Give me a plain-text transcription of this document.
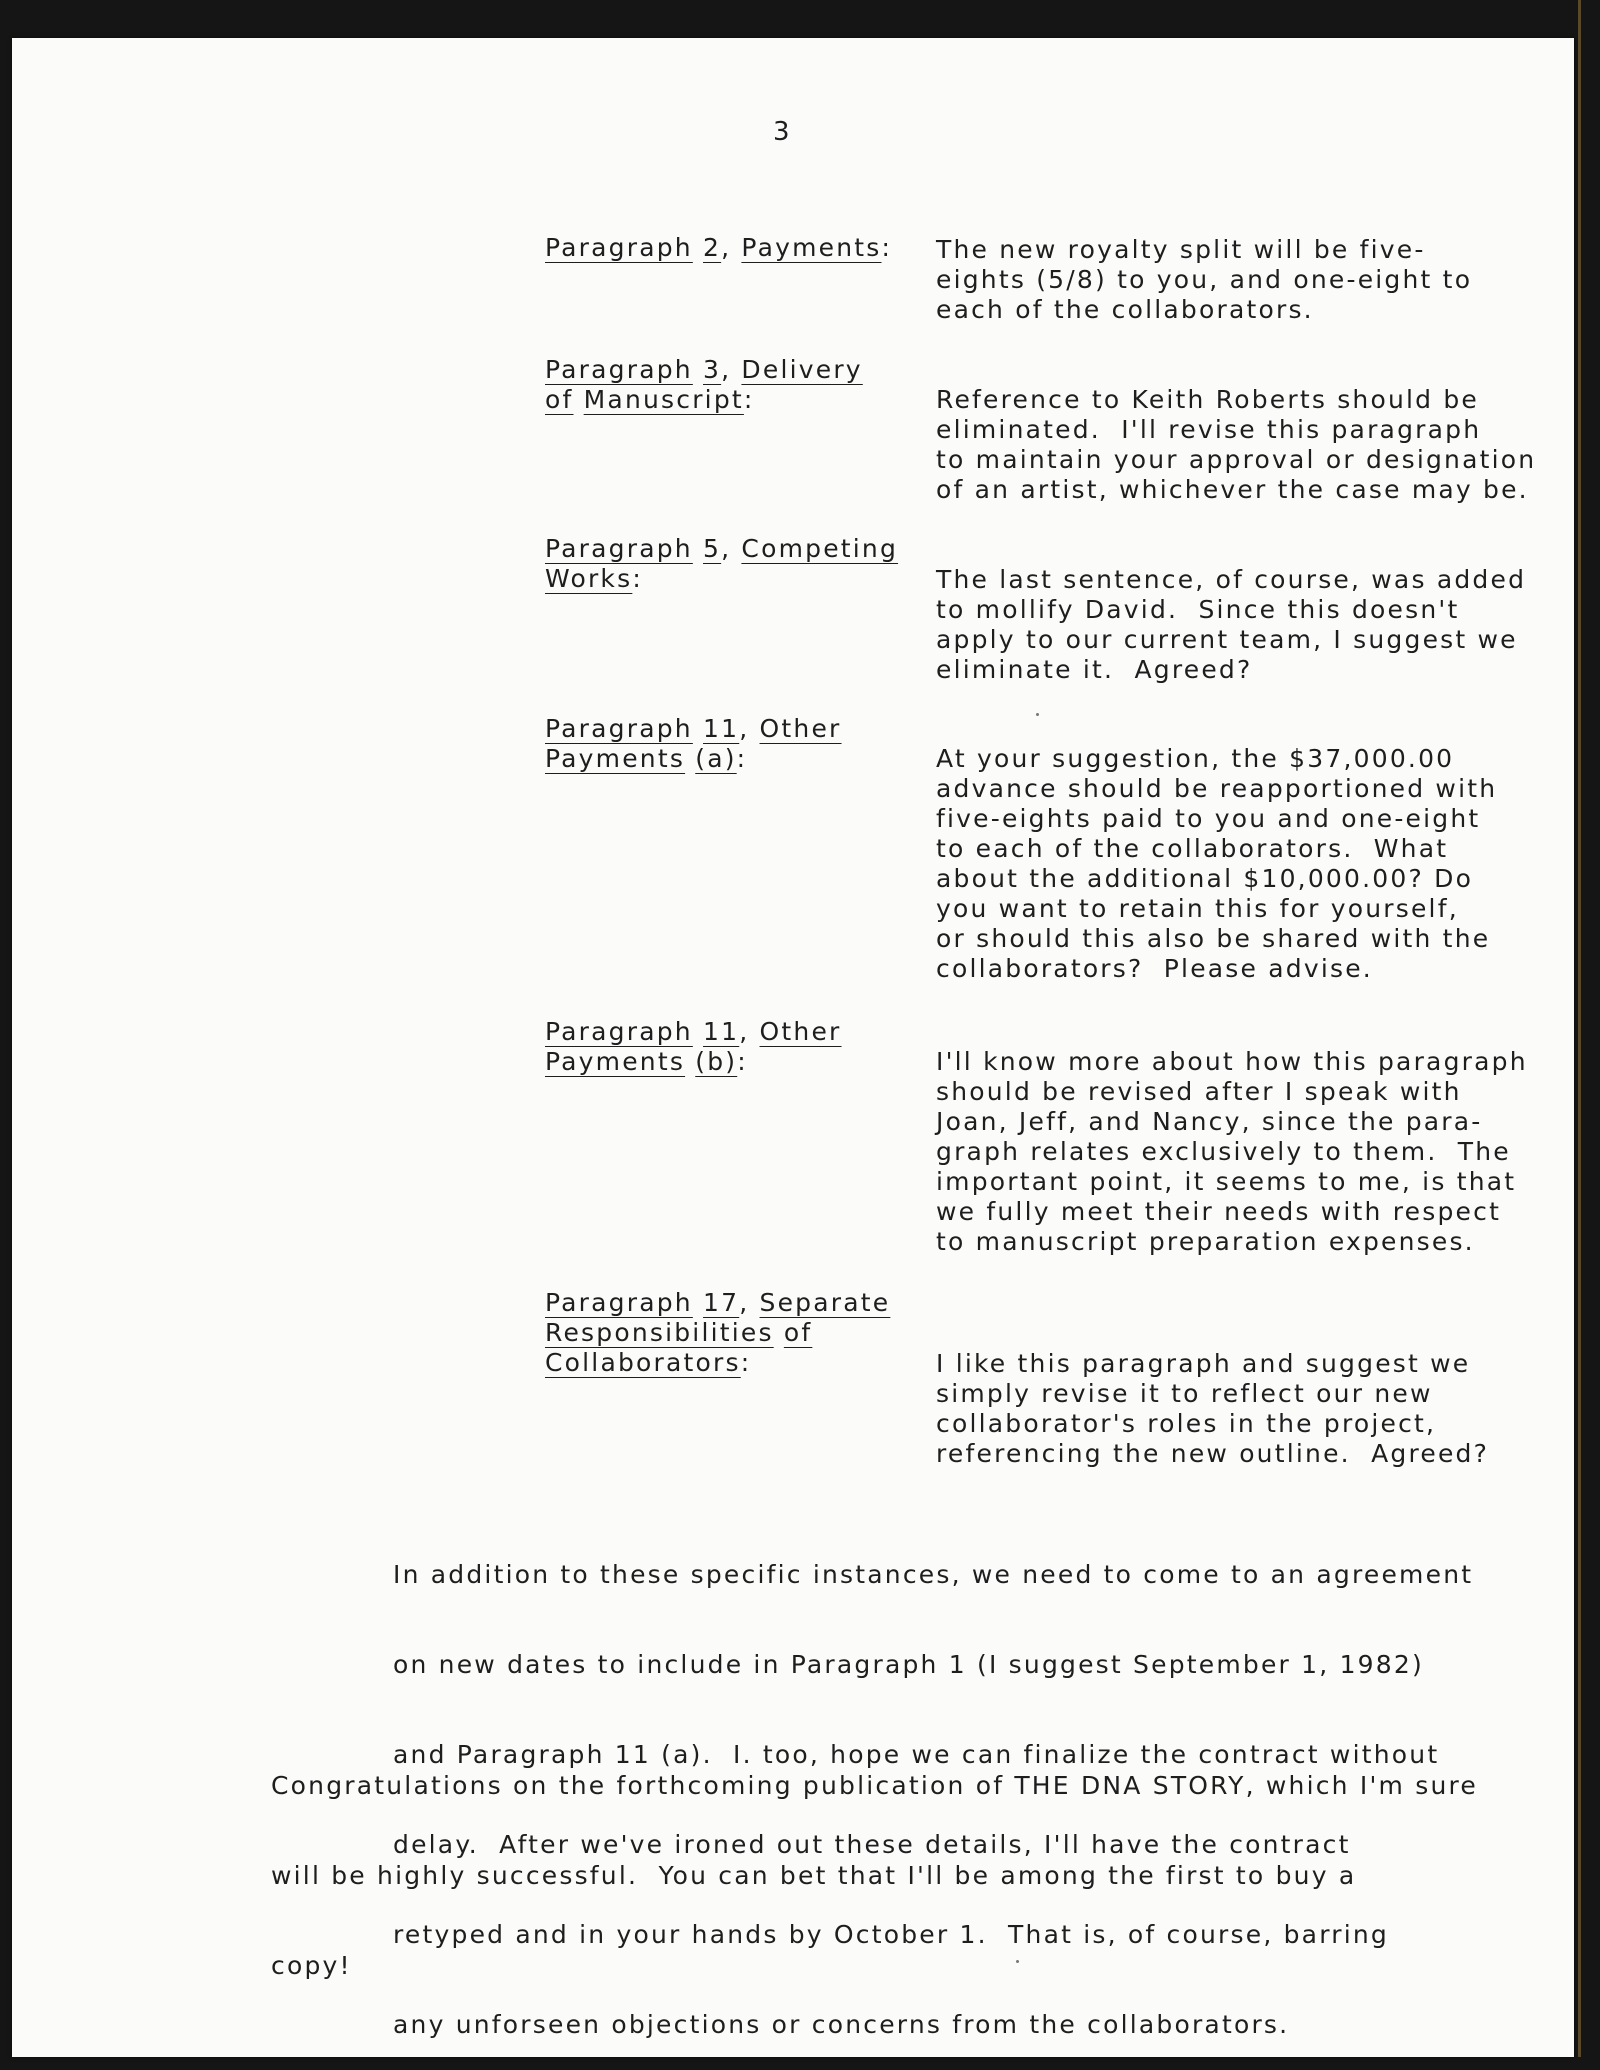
3
Paragraph 2, Payments: The new royalty split will be five-
eights (5/8) to you, and one-eight to
each of the collaborators.
Paragraph 3, Delivery
of Manuscript:	Reference to Keith Roberts should be
eliminated.  I'll revise this paragraph
to maintain your approval or designation
of an artist, whichever the case may be.
Paragraph 5, Competing
Works:	The last sentence, of course, was added
to mollify David.  Since this doesn't
apply to our current team, I suggest we
eliminate it.  Agreed?
Paragraph 11, Other
Payments (a):	At your suggestion, the $37,000.00
advance should be reapportioned with
five-eights paid to you and one-eight
to each of the collaborators.  What
about the additional $10,000.00? Do
you want to retain this for yourself,
or should this also be shared with the
collaborators?  Please advise.
Paragraph 11, Other
Payments (b):	I'll know more about how this paragraph
should be revised after I speak with
Joan, Jeff, and Nancy, since the para-
graph relates exclusively to them.  The
important point, it seems to me, is that
we fully meet their needs with respect
to manuscript preparation expenses.
Paragraph 17, Separate
Responsibilities of
Collaborators:	I like this paragraph and suggest we
simply revise it to reflect our new
collaborator's roles in the project,
referencing the new outline.  Agreed?

In addition to these specific instances, we need to come to an agreement

on new dates to include in Paragraph 1 (I suggest September 1, 1982)

and Paragraph 11 (a).  I. too, hope we can finalize the contract without

delay.  After we've ironed out these details, I'll have the contract

retyped and in your hands by October 1.  That is, of course, barring

any unforseen objections or concerns from the collaborators.

Congratulations on the forthcoming publication of THE DNA STORY, which I'm sure

will be highly successful.  You can bet that I'll be among the first to buy a

copy!
